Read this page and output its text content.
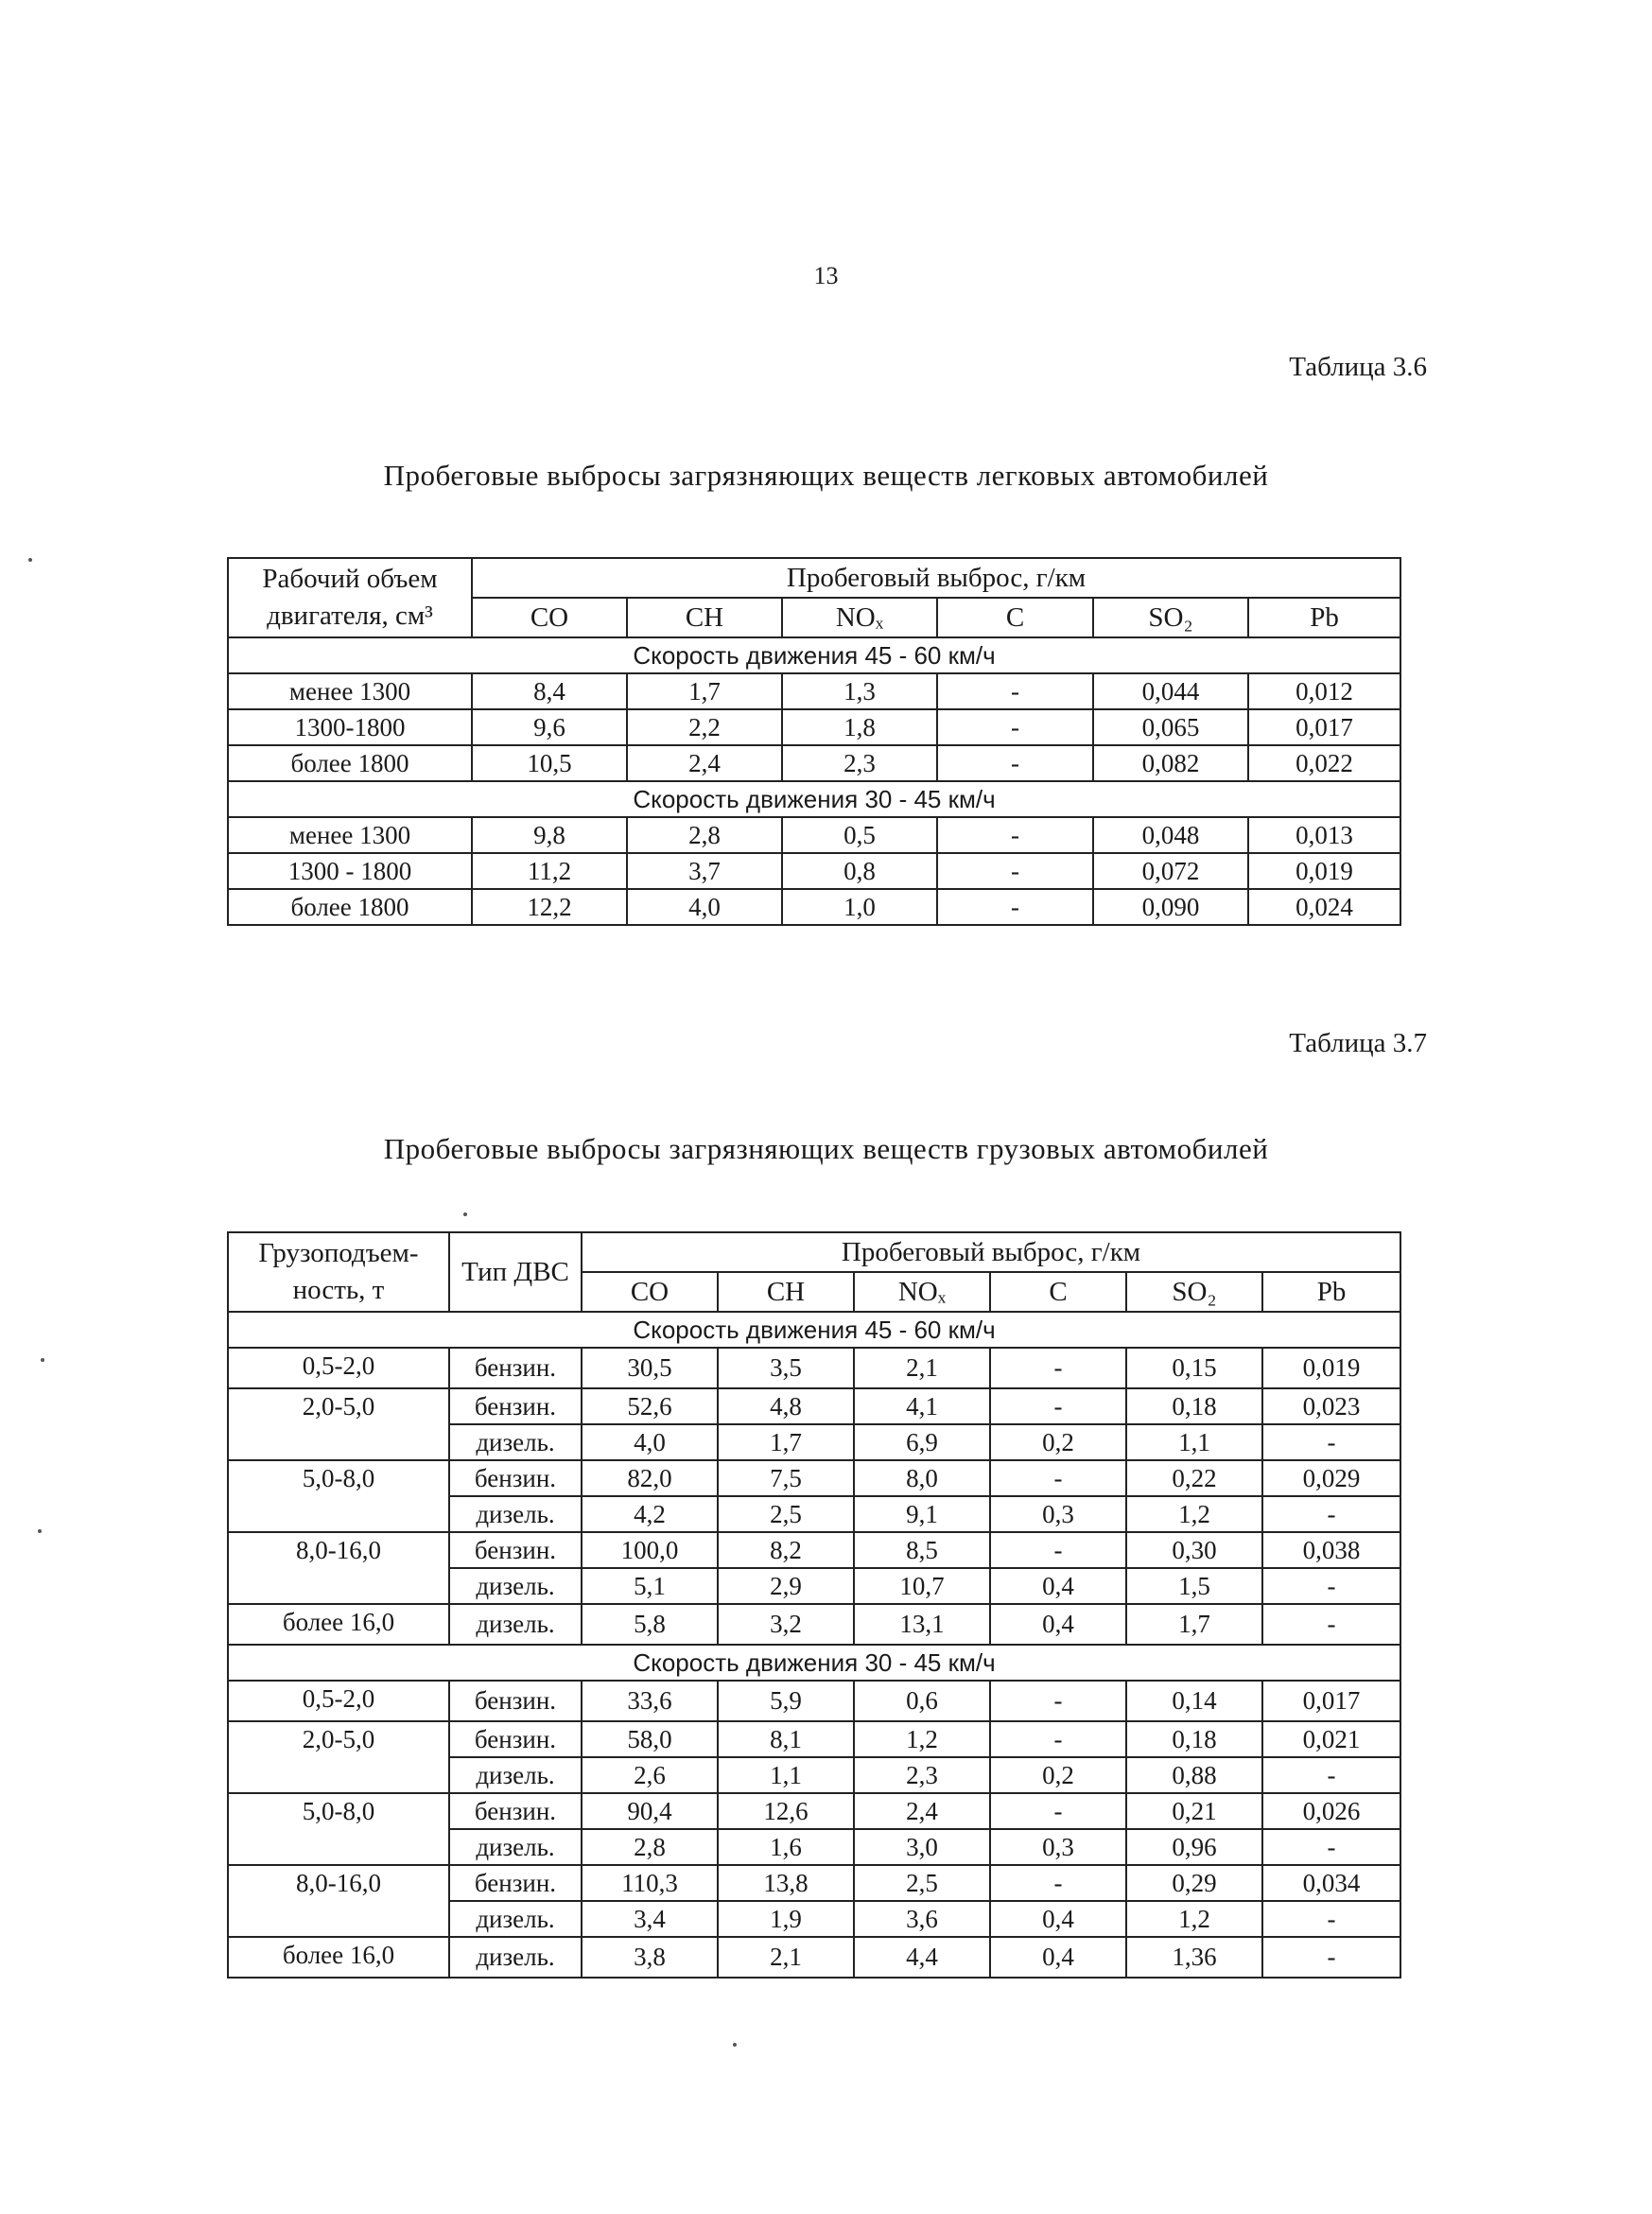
13
Таблица 3.6
Пробеговые выбросы загрязняющих веществ легковых автомобилей
Рабочий объем двигателя, см³	Пробеговый выброс, г/км					
	CO	CH	NOₓ	C	SO₂	Pb
Скорость движения 45 - 60 км/ч						
менее 1300	8,4	1,7	1,3	-	0,044	0,012
1300-1800	9,6	2,2	1,8	-	0,065	0,017
более 1800	10,5	2,4	2,3	-	0,082	0,022
Скорость движения 30 - 45 км/ч						
менее 1300	9,8	2,8	0,5	-	0,048	0,013
1300 - 1800	11,2	3,7	0,8	-	0,072	0,019
более 1800	12,2	4,0	1,0	-	0,090	0,024
Таблица 3.7
Пробеговые выбросы загрязняющих веществ грузовых автомобилей
Грузоподъем-ность, т	Тип ДВС	Пробеговый выброс, г/км					
		CO	CH	NOₓ	C	SO₂	Pb
Скорость движения 45 - 60 км/ч							
0,5-2,0	бензин.	30,5	3,5	2,1	-	0,15	0,019
2,0-5,0	бензин.	52,6	4,8	4,1	-	0,18	0,023
	дизель.	4,0	1,7	6,9	0,2	1,1	-
5,0-8,0	бензин.	82,0	7,5	8,0	-	0,22	0,029
	дизель.	4,2	2,5	9,1	0,3	1,2	-
8,0-16,0	бензин.	100,0	8,2	8,5	-	0,30	0,038
	дизель.	5,1	2,9	10,7	0,4	1,5	-
более 16,0	дизель.	5,8	3,2	13,1	0,4	1,7	-
Скорость движения 30 - 45 км/ч							
0,5-2,0	бензин.	33,6	5,9	0,6	-	0,14	0,017
2,0-5,0	бензин.	58,0	8,1	1,2	-	0,18	0,021
	дизель.	2,6	1,1	2,3	0,2	0,88	-
5,0-8,0	бензин.	90,4	12,6	2,4	-	0,21	0,026
	дизель.	2,8	1,6	3,0	0,3	0,96	-
8,0-16,0	бензин.	110,3	13,8	2,5	-	0,29	0,034
	дизель.	3,4	1,9	3,6	0,4	1,2	-
более 16,0	дизель.	3,8	2,1	4,4	0,4	1,36	-
